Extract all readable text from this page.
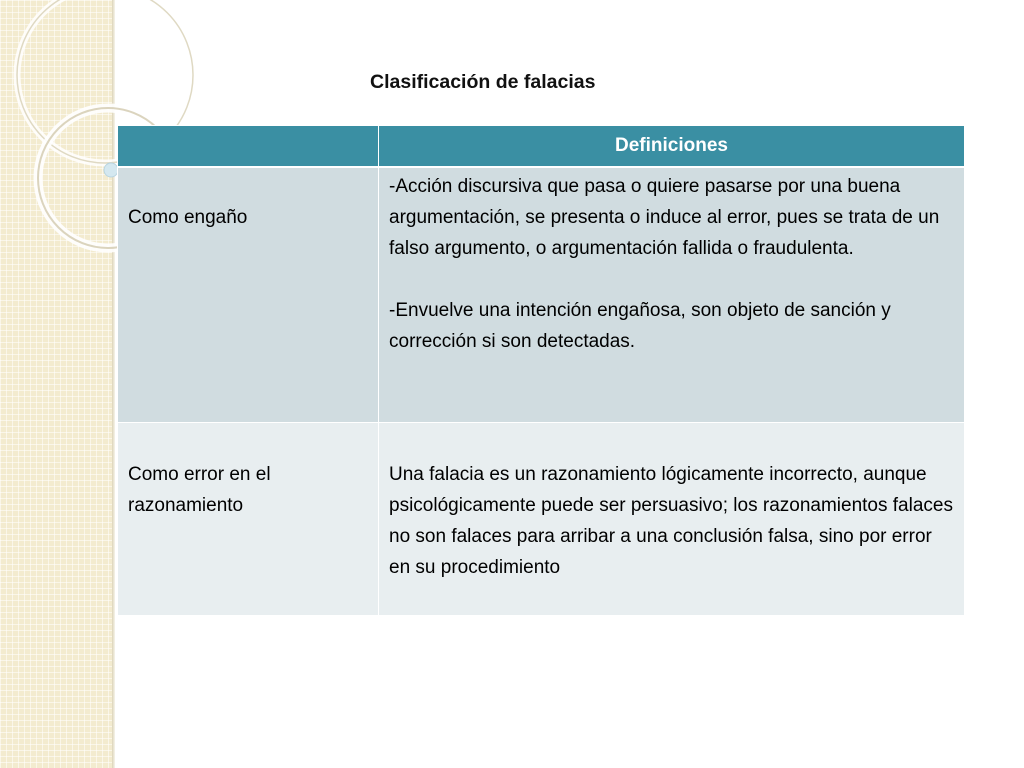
Clasificación de falacias
	Definiciones
Como engaño	-Acción discursiva que pasa o quiere pasarse por una buena argumentación, se presenta o induce al error, pues se trata de un falso argumento, o argumentación fallida o fraudulenta.

-Envuelve una intención engañosa, son objeto de sanción y corrección si son detectadas.

Como error en el razonamiento	Una falacia es un razonamiento lógicamente incorrecto, aunque psicológicamente puede ser persuasivo; los razonamientos falaces no son falaces para arribar a una conclusión falsa, sino por error en su procedimiento
